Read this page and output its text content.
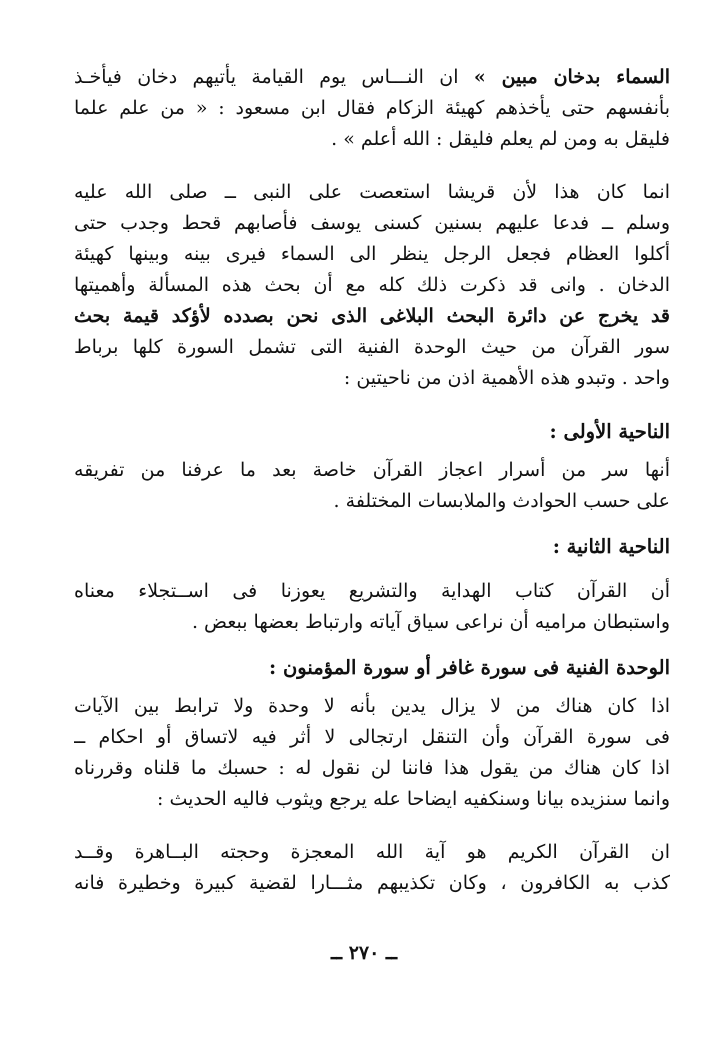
السماء بدخان مبين » ان النـــاس يوم القيامة يأتيهم دخان فيأخـذ
بأنفسهم حتى يأخذهم كهيئة الزكام فقال ابن مسعود : « من علم علما
فليقل به ومن لم يعلم فليقل : الله أعلم » .

انما كان هذا لأن قريشا استعصت على النبى ــ صلى الله عليه
وسلم ــ فدعا عليهم بسنين كسنى يوسف فأصابهم قحط وجدب حتى
أكلوا العظام فجعل الرجل ينظر الى السماء فيرى بينه وبينها كهيئة
الدخان . وانى قد ذكرت ذلك كله مع أن بحث هذه المسألة وأهميتها
قد يخرج عن دائرة البحث البلاغى الذى نحن بصدده لأؤكد قيمة بحث
سور القرآن من حيث الوحدة الفنية التى تشمل السورة كلها برباط
واحد . وتبدو هذه الأهمية اذن من ناحيتين :

الناحية الأولى :

أنها سر من أسرار اعجاز القرآن خاصة بعد ما عرفنا من تفريقه
على حسب الحوادث والملابسات المختلفة .

الناحية الثانية :

أن القرآن كتاب الهداية والتشريع يعوزنا فى اســتجلاء معناه
واستبطان مراميه أن نراعى سياق آياته وارتباط بعضها ببعض .

الوحدة الفنية فى سورة غافر أو سورة المؤمنون :

اذا كان هناك من لا يزال يدين بأنه لا وحدة ولا ترابط بين الآيات
فى سورة القرآن وأن التنقل ارتجالى لا أثر فيه لاتساق أو احكام ــ
اذا كان هناك من يقول هذا فاننا لن نقول له : حسبك ما قلناه وقررناه
وانما سنزيده بيانا وسنكفيه ايضاحا عله يرجع ويثوب فاليه الحديث :

ان القرآن الكريم هو آية الله المعجزة وحجته البــاهرة وقــد
كذب به الكافرون ، وكان تكذيبهم مثـــارا لقضية كبيرة وخطيرة فانه

ــ ٢٧٠ ــ
